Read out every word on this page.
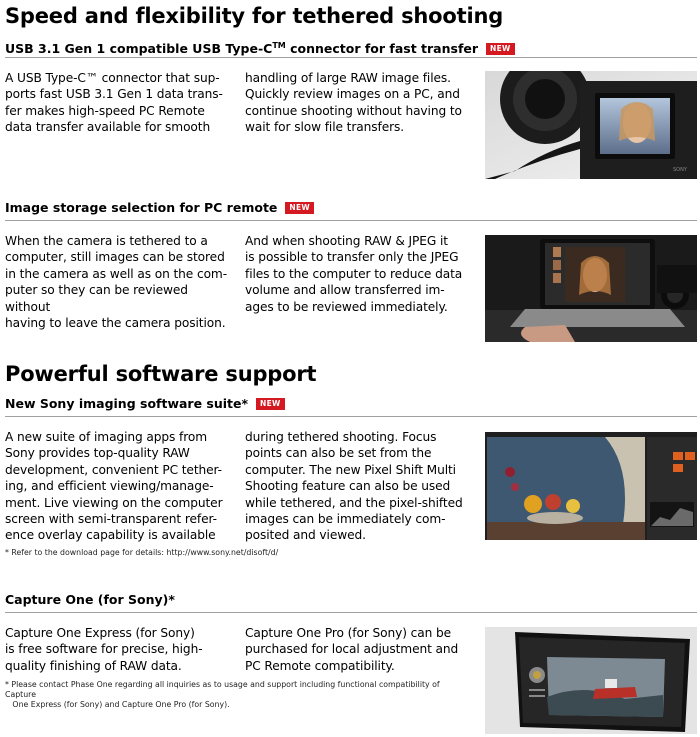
Speed and flexibility for tethered shooting
USB 3.1 Gen 1 compatible USB Type-C™ connector for fast transfer NEW
A USB Type-C™ connector that sup-
ports fast USB 3.1 Gen 1 data trans-
fer makes high-speed PC Remote
data transfer available for smooth
handling of large RAW image files.
Quickly review images on a PC, and
continue shooting without having to
wait for slow file transfers.
SONY
Image storage selection for PC remote NEW
When the camera is tethered to a
computer, still images can be stored
in the camera as well as on the com-
puter so they can be reviewed without
having to leave the camera position.
And when shooting RAW & JPEG it
is possible to transfer only the JPEG
files to the computer to reduce data
volume and allow transferred im-
ages to be reviewed immediately.
Powerful software support
New Sony imaging software suite* NEW
A new suite of imaging apps from
Sony provides top-quality RAW
development, convenient PC tether-
ing, and efficient viewing/manage-
ment. Live viewing on the computer
screen with semi-transparent refer-
ence overlay capability is available
during tethered shooting. Focus
points can also be set from the
computer. The new Pixel Shift Multi
Shooting feature can also be used
while tethered, and the pixel-shifted
images can be immediately com-
posited and viewed.
* Refer to the download page for details: http://www.sony.net/disoft/d/
Capture One (for Sony)*
Capture One Express (for Sony)
is free software for precise, high-
quality finishing of RAW data.
Capture One Pro (for Sony) can be
purchased for local adjustment and
PC Remote compatibility.
* Please contact Phase One regarding all inquiries as to usage and support including functional compatibility of Capture
One Express (for Sony) and Capture One Pro (for Sony).
